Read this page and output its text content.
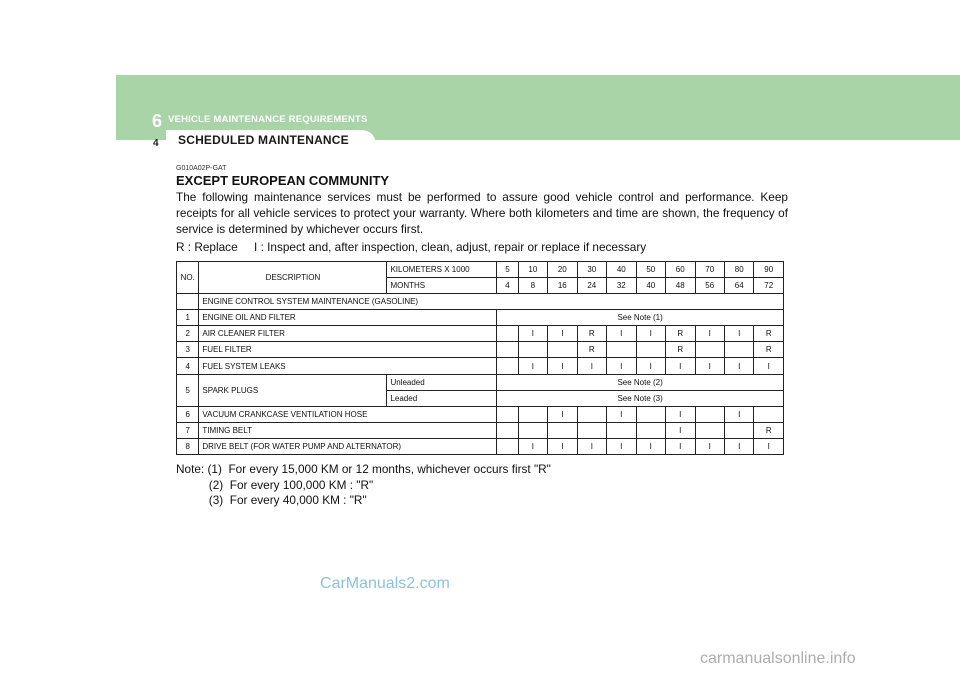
6 VEHICLE MAINTENANCE REQUIREMENTS
4 SCHEDULED MAINTENANCE
G010A02P-GAT
EXCEPT EUROPEAN COMMUNITY
The following maintenance services must be performed to assure good vehicle control and performance. Keep receipts for all vehicle services to protect your warranty. Where both kilometers and time are shown, the frequency of service is determined by whichever occurs first.
R : Replace     I : Inspect and, after inspection, clean, adjust, repair or replace if necessary
NO.	DESCRIPTION	KILOMETERS X 1000	5	10	20	30	40	50	60	70	80	90
		MONTHS	4	8	16	24	32	40	48	56	64	72
	ENGINE CONTROL SYSTEM MAINTENANCE (GASOLINE)											
1	ENGINE OIL AND FILTER		See Note (1)									
2	AIR CLEANER FILTER			I	I	R	I	I	R	I	I	R
3	FUEL FILTER					R			R			R
4	FUEL SYSTEM LEAKS			I	I	I	I	I	I	I	I	I
5	SPARK PLUGS	Unleaded	See Note (2)									
		Leaded	See Note (3)									
6	VACUUM CRANKCASE VENTILATION HOSE				I		I		I		I	
7	TIMING BELT								I			R
8	DRIVE BELT (FOR WATER PUMP AND ALTERNATOR)			I	I	I	I	I	I	I	I	I
Note: (1)  For every 15,000 KM or 12 months, whichever occurs first "R"
(2)  For every 100,000 KM : "R"
(3)  For every 40,000 KM : "R"
CarManuals2.com
carmanualsonline.info
